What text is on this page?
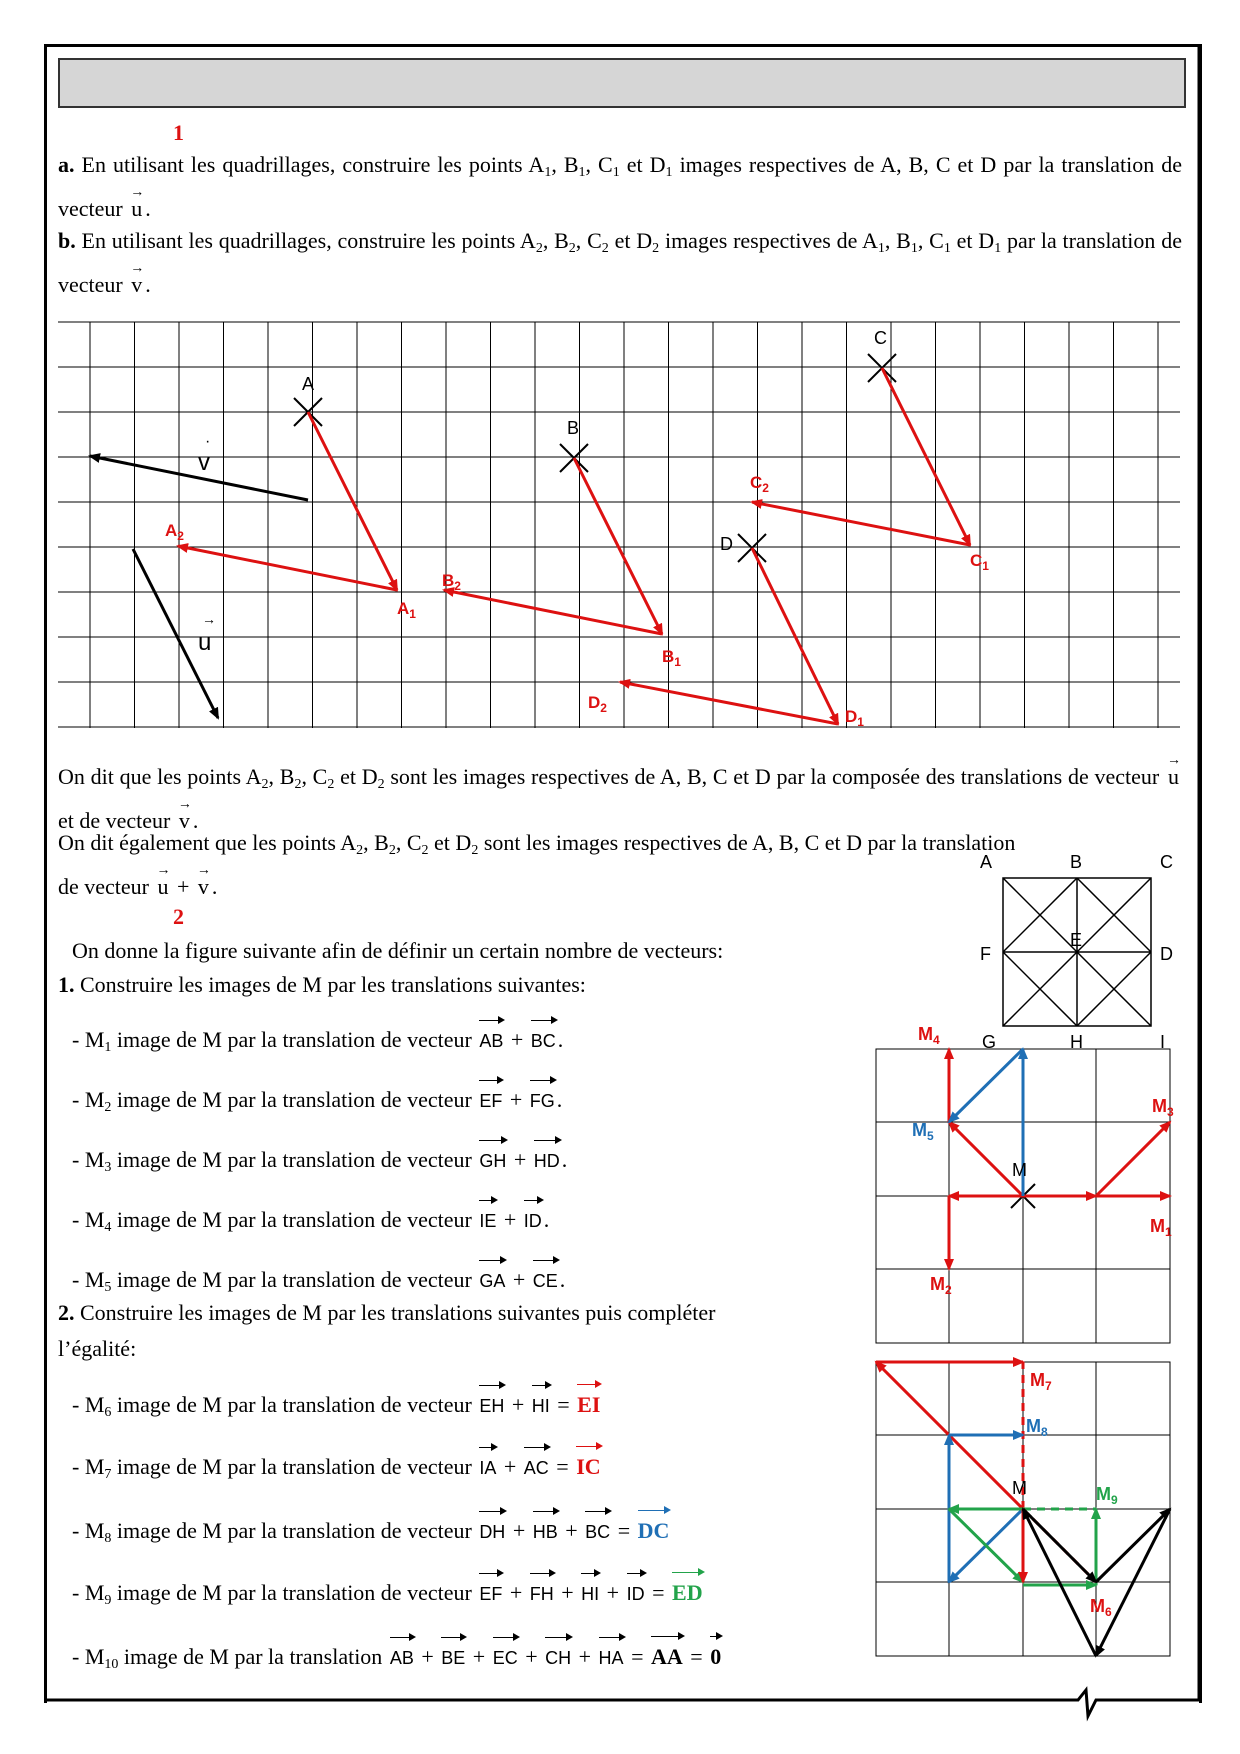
1
a. En utilisant les quadrillages, construire les points $A_1$, $B_1$, $C_1$ et $D_1$ images respectives de A, B, C et D par la translation de vecteur u → .
b. En utilisant les quadrillages, construire les points $A_2$, $B_2$, $C_2$ et $D_2$ images respectives de $A_1$, $B_1$, $C_1$ et $D_1$ par la translation de vecteur v → .
v
·
u
→
A
B
C
D
$A_1$
$B_1$
$C_1$
$D_1$
$A_2$
$B_2$
$C_2$
$D_2$
On dit que les points $A_2$, $B_2$, $C_2$ et $D_2$ sont les images respectives de A, B, C et D par la composée des translations de vecteur u → et de vecteur v → .
On dit également que les points $A_2$, $B_2$, $C_2$ et $D_2$ sont les images respectives de A, B, C et D par la translation
de vecteur u → + v → .
2
On donne la figure suivante afin de définir un certain nombre de vecteurs:
1. Construire les images de M par les translations suivantes:
- $M_1$ image de M par la translation de vecteur AB + BC.
- $M_2$ image de M par la translation de vecteur EF + FG.
- $M_3$ image de M par la translation de vecteur GH + HD.
- $M_4$ image de M par la translation de vecteur IE + ID.
- $M_5$ image de M par la translation de vecteur GA + CE.
2. Construire les images de M par les translations suivantes puis compléter
l’égalité:
- $M_6$ image de M par la translation de vecteur EH + HI = EI
- $M_7$ image de M par la translation de vecteur IA + AC = IC
- $M_8$ image de M par la translation de vecteur DH + HB + BC = DC
- $M_9$ image de M par la translation de vecteur EF + FH + HI + ID = ED
- $M_{10}$ image de M par la translation AB + BE + EC + CH + HA = AA = 0
A	B	C
F
E
D
G	H	I
M
$M_1$
$M_2$
$M_3$
$M_4$
$M_5$
M
$M_7$
$M_8$
$M_9$
$M_6$
